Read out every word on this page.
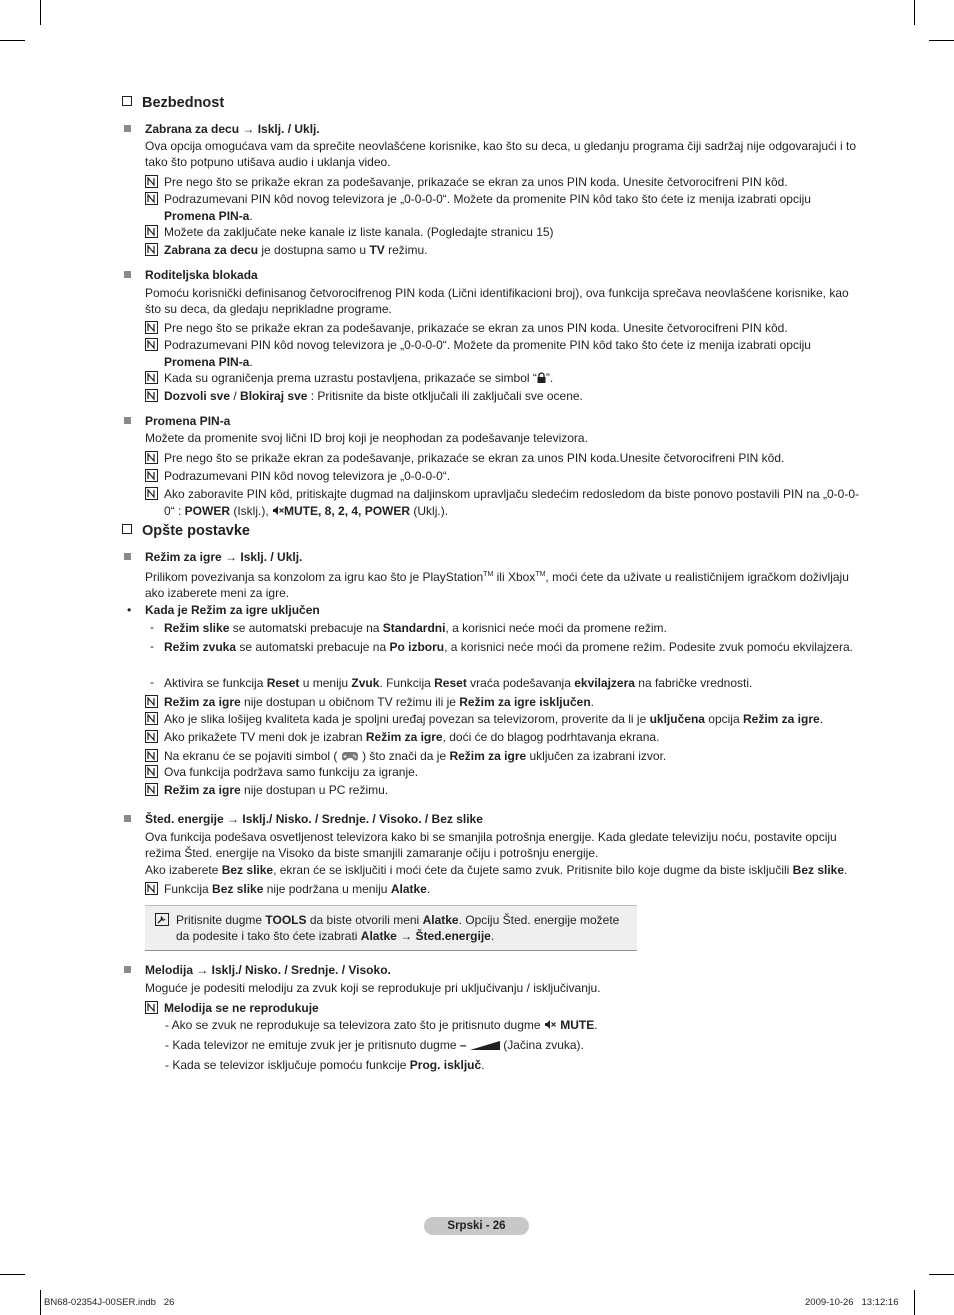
Bezbednost
Zabrana za decu → Isklj. / Uklj.
Ova opcija omogućava vam da sprečite neovlašćene korisnike, kao što su deca, u gledanju programa čiji sadržaj nije odgovarajući i to tako što potpuno utišava audio i uklanja video.
Pre nego što se prikaže ekran za podešavanje, prikazaće se ekran za unos PIN koda. Unesite četvorocifreni PIN kôd.
Podrazumevani PIN kôd novog televizora je „0-0-0-0“. Možete da promenite PIN kôd tako što ćete iz menija izabrati opciju Promena PIN-a.
Možete da zaključate neke kanale iz liste kanala. (Pogledajte stranicu 15)
Zabrana za decu je dostupna samo u TV režimu.
Roditeljska blokada
Pomoću korisnički definisanog četvorocifrenog PIN koda (Lični identifikacioni broj), ova funkcija sprečava neovlašćene korisnike, kao što su deca, da gledaju neprikladne programe.
Pre nego što se prikaže ekran za podešavanje, prikazaće se ekran za unos PIN koda. Unesite četvorocifreni PIN kôd.
Podrazumevani PIN kôd novog televizora je „0-0-0-0“. Možete da promenite PIN kôd tako što ćete iz menija izabrati opciju Promena PIN-a.
Kada su ograničenja prema uzrastu postavljena, prikazaće se simbol “ ”.
Dozvoli sve / Blokiraj sve : Pritisnite da biste otključali ili zaključali sve ocene.
Promena PIN-a
Možete da promenite svoj lični ID broj koji je neophodan za podešavanje televizora.
Pre nego što se prikaže ekran za podešavanje, prikazaće se ekran za unos PIN koda.Unesite četvorocifreni PIN kôd.
Podrazumevani PIN kôd novog televizora je „0-0-0-0“.
Ako zaboravite PIN kôd, pritiskajte dugmad na daljinskom upravljaču sledećim redosledom da biste ponovo postavili PIN na „0-0-0-0“ : POWER (Isklj.), MUTE, 8, 2, 4, POWER (Uklj.).
Opšte postavke
Režim za igre → Isklj. / Uklj.
Prilikom povezivanja sa konzolom za igru kao što je PlayStation™ ili Xbox™, moći ćete da uživate u realističnijem igračkom doživljaju ako izaberete meni za igre.
• Kada je Režim za igre uključen
- Režim slike se automatski prebacuje na Standardni, a korisnici neće moći da promene režim.
- Režim zvuka se automatski prebacuje na Po izboru, a korisnici neće moći da promene režim. Podesite zvuk pomoću ekvilajzera.
- Aktivira se funkcija Reset u meniju Zvuk. Funkcija Reset vraća podešavanja ekvilajzera na fabričke vrednosti.
Režim za igre nije dostupan u običnom TV režimu ili je Režim za igre isključen.
Ako je slika lošijeg kvaliteta kada je spoljni uređaj povezan sa televizorom, proverite da li je uključena opcija Režim za igre.
Ako prikažete TV meni dok je izabran Režim za igre, doći će do blagog podrhtavanja ekrana.
Na ekranu će se pojaviti simbol (  ) što znači da je Režim za igre uključen za izabrani izvor.
Ova funkcija podržava samo funkciju za igranje.
Režim za igre nije dostupan u PC režimu.
Šted. energije → Isklj./ Nisko. / Srednje. / Visoko. / Bez slike
Ova funkcija podešava osvetljenost televizora kako bi se smanjila potrošnja energije. Kada gledate televiziju noću, postavite opciju režima Šted. energije na Visoko da biste smanjili zamaranje očiju i potrošnju energije.
Ako izaberete Bez slike, ekran će se isključiti i moći ćete da čujete samo zvuk. Pritisnite bilo koje dugme da biste isključili Bez slike.
Funkcija Bez slike nije podržana u meniju Alatke.
Pritisnite dugme TOOLS da biste otvorili meni Alatke. Opciju Šted. energije možete da podesite i tako što ćete izabrati Alatke → Šted.energije.
Melodija → Isklj./ Nisko. / Srednje. / Visoko.
Moguće je podesiti melodiju za zvuk koji se reprodukuje pri uključivanju / isključivanju.
Melodija se ne reprodukuje
- Ako se zvuk ne reprodukuje sa televizora zato što je pritisnuto dugme  MUTE.
- Kada televizor ne emituje zvuk jer je pritisnuto dugme –	(Jačina zvuka).
- Kada se televizor isključuje pomoću funkcije Prog. isključ.
Srpski - 26
BN68-02354J-00SER.indb   26	2009-10-26   13:12:16
